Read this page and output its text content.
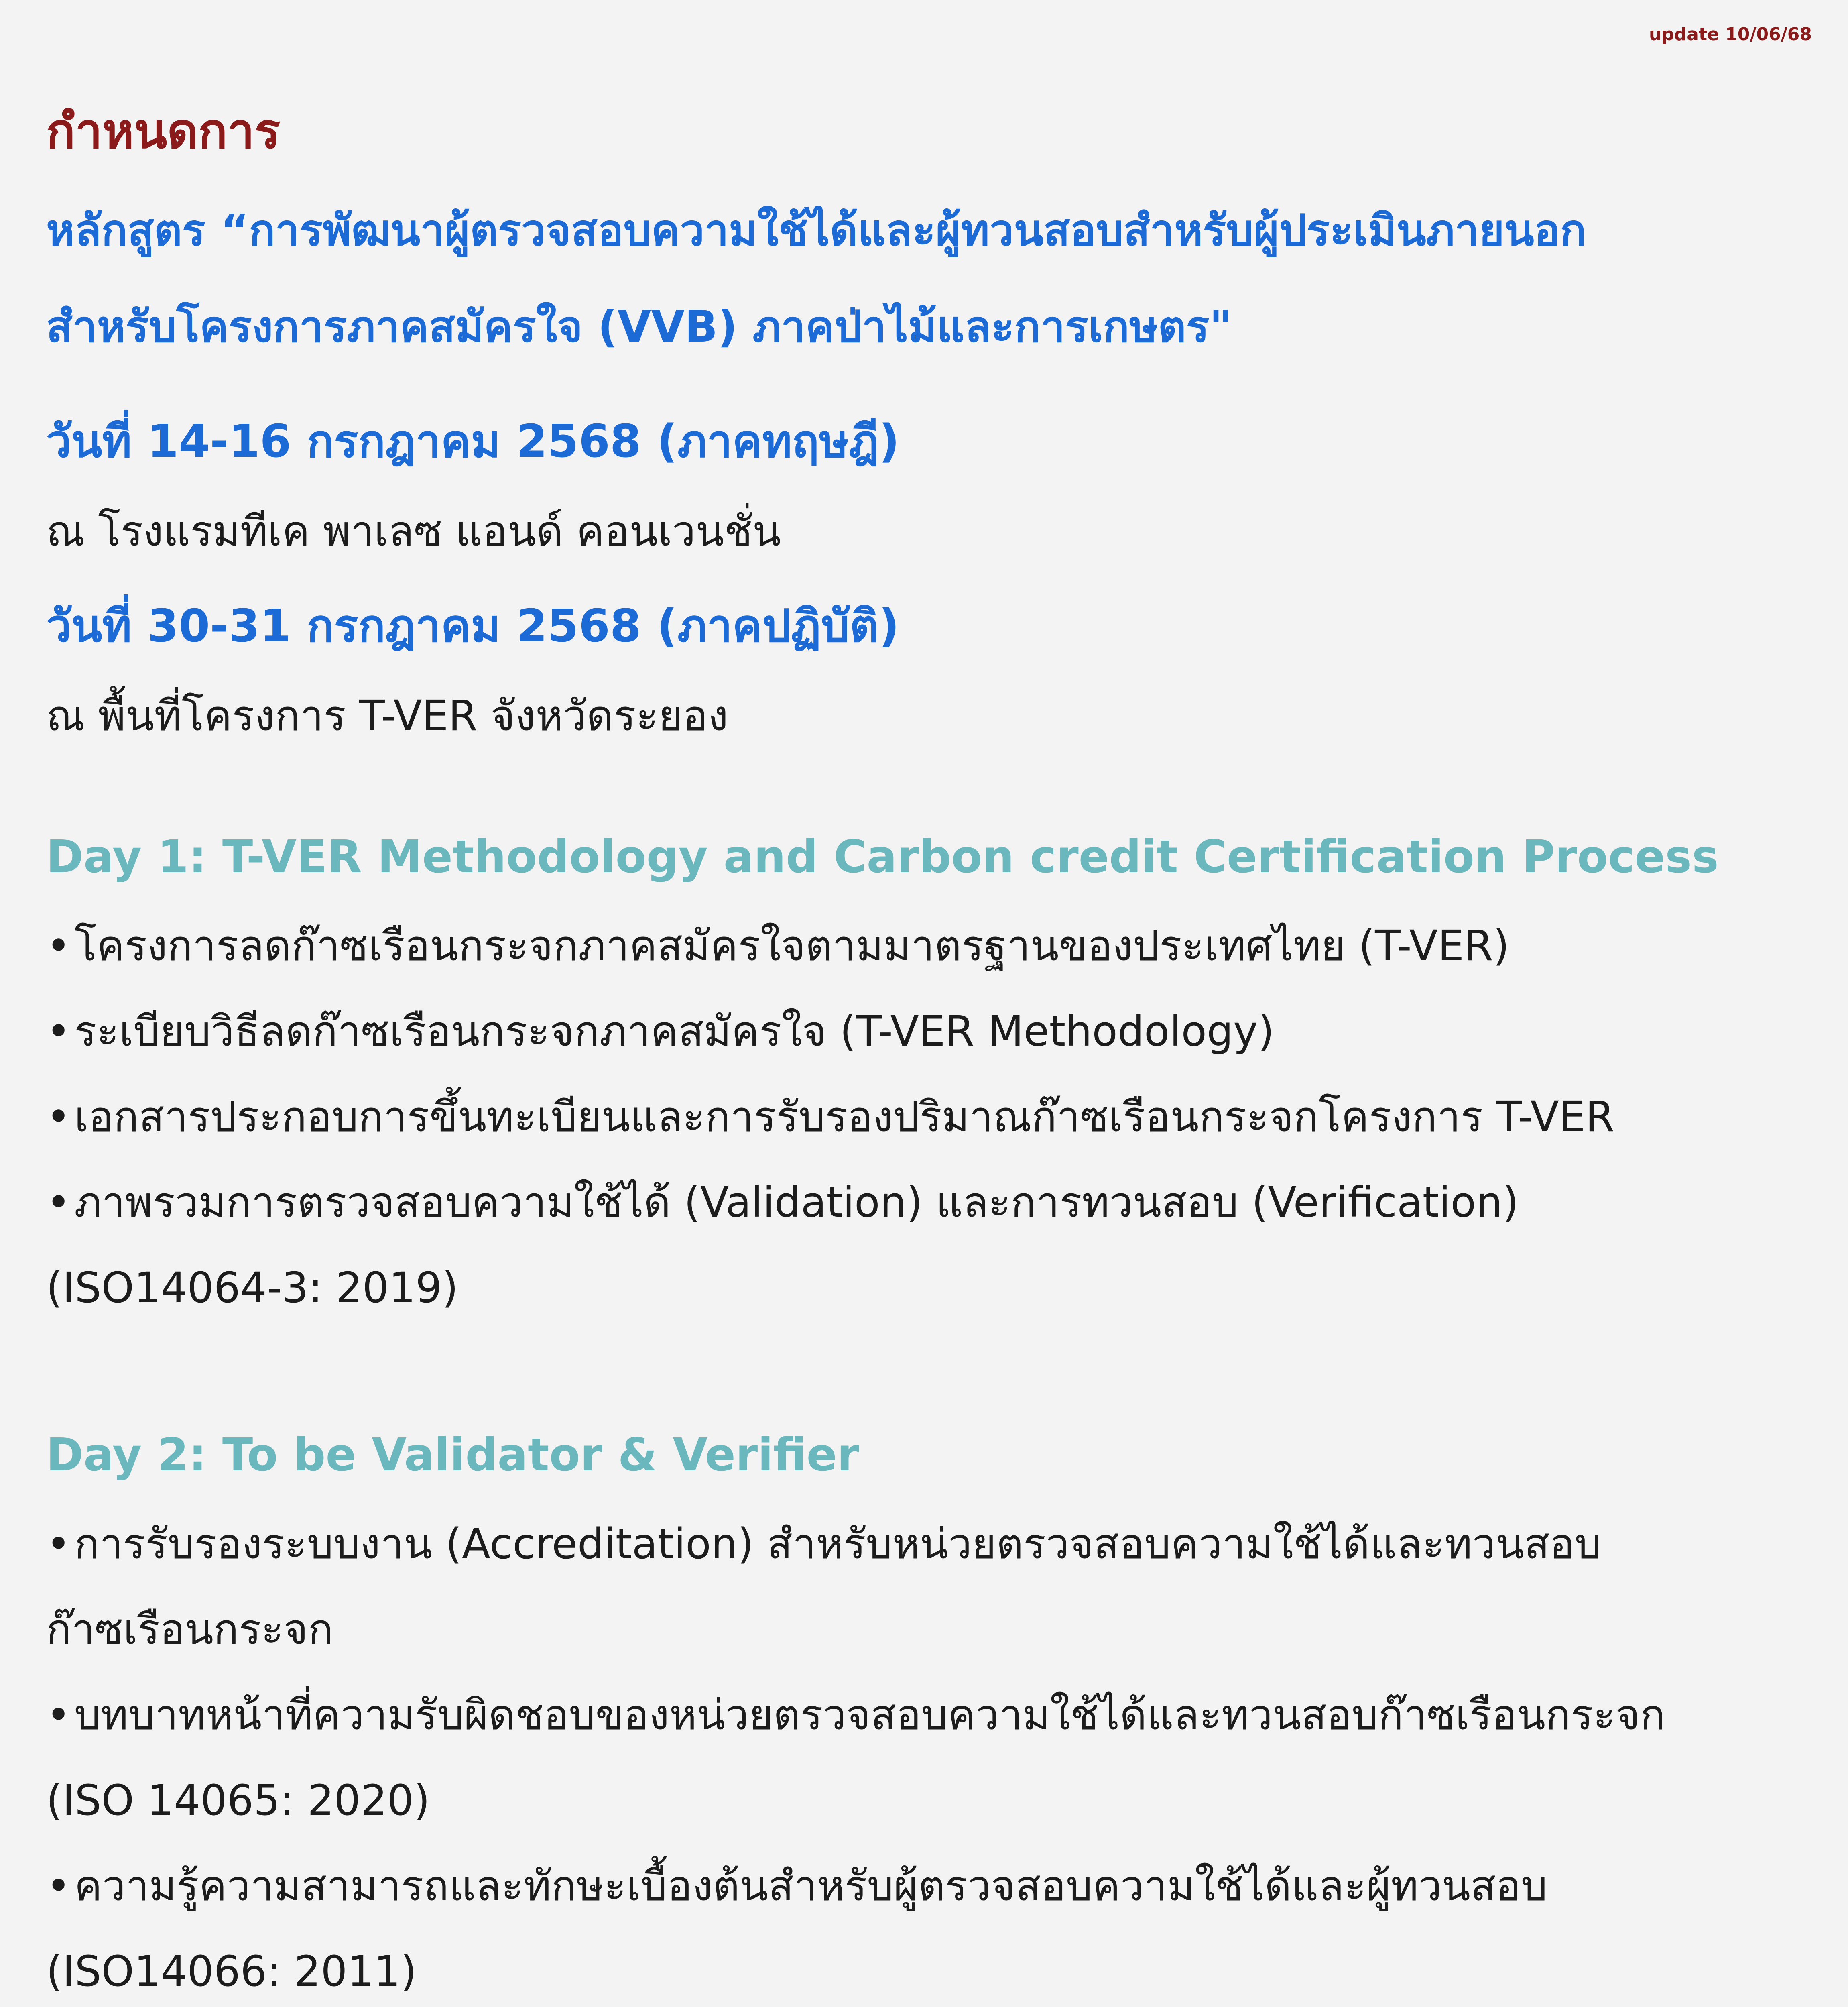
update 10/06/68
กำหนดการ
หลักสูตร “การพัฒนาผู้ตรวจสอบความใช้ได้และผู้ทวนสอบสำหรับผู้ประเมินภายนอก
สำหรับโครงการภาคสมัครใจ (VVB) ภาคป่าไม้และการเกษตร"
วันที่ 14-16 กรกฎาคม 2568 (ภาคทฤษฎี)
ณ โรงแรมทีเค พาเลซ แอนด์ คอนเวนชั่น
วันที่ 30-31 กรกฎาคม 2568 (ภาคปฏิบัติ)
ณ พื้นที่โครงการ T-VER จังหวัดระยอง
Day 1: T-VER Methodology and Carbon credit Certification Process
•โครงการลดก๊าซเรือนกระจกภาคสมัครใจตามมาตรฐานของประเทศไทย (T-VER)
•ระเบียบวิธีลดก๊าซเรือนกระจกภาคสมัครใจ (T-VER Methodology)
•เอกสารประกอบการขึ้นทะเบียนและการรับรองปริมาณก๊าซเรือนกระจกโครงการ T-VER
•ภาพรวมการตรวจสอบความใช้ได้ (Validation) และการทวนสอบ (Verification)
(ISO14064-3: 2019)
Day 2: To be Validator & Verifier
•การรับรองระบบงาน (Accreditation) สำหรับหน่วยตรวจสอบความใช้ได้และทวนสอบ
ก๊าซเรือนกระจก
•บทบาทหน้าที่ความรับผิดชอบของหน่วยตรวจสอบความใช้ได้และทวนสอบก๊าซเรือนกระจก
(ISO 14065: 2020)
•ความรู้ความสามารถและทักษะเบื้องต้นสำหรับผู้ตรวจสอบความใช้ได้และผู้ทวนสอบ
(ISO14066: 2011)
